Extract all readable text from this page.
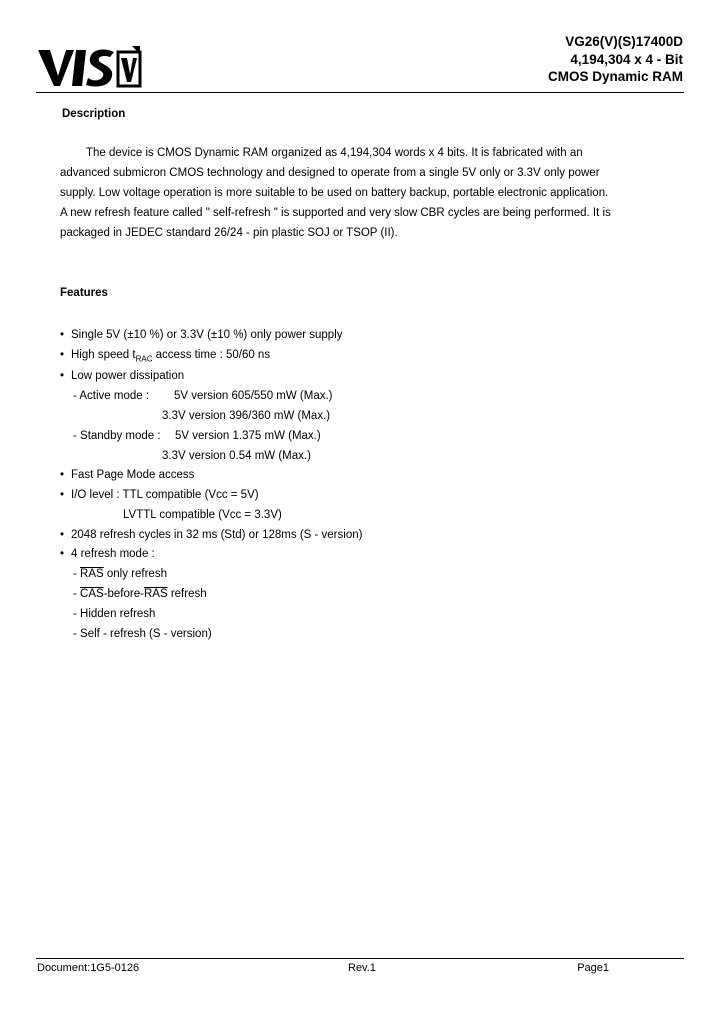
VG26(V)(S)17400D
4,194,304 x 4 - Bit
CMOS Dynamic RAM
Description
The device is CMOS Dynamic RAM organized as 4,194,304 words x 4 bits. It is fabricated with an
advanced submicron CMOS technology and designed to operate from a single 5V only or 3.3V only power
supply. Low voltage operation is more suitable to be used on battery backup, portable electronic application.
A new refresh feature called " self-refresh " is supported and very slow CBR cycles are being performed. It is
packaged in JEDEC standard 26/24 - pin plastic SOJ or TSOP (II).
Features
• Single 5V (±10 %) or 3.3V (±10 %) only power supply
• High speed $t_{RAC}$ access time : 50/60 ns
• Low power dissipation
- Active mode : 5V version 605/550 mW (Max.)
3.3V version 396/360 mW (Max.)
- Standby mode : 5V version 1.375 mW (Max.)
3.3V version 0.54 mW (Max.)
• Fast Page Mode access
• I/O level : TTL compatible (Vcc = 5V)
LVTTL compatible (Vcc = 3.3V)
• 2048 refresh cycles in 32 ms (Std) or 128ms (S - version)
• 4 refresh mode :
- $\overline{RAS}$ only refresh
- $\overline{CAS}-before-\overline{RAS}$ refresh
- Hidden refresh
- Self - refresh (S - version)
Document:1G5-0126	Rev.1	Page1
